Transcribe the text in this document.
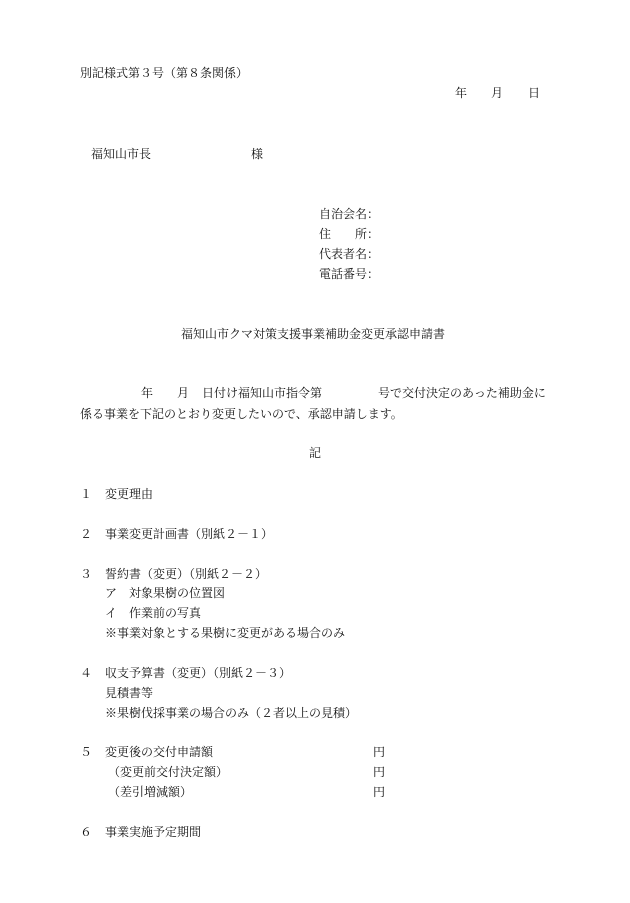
別記様式第３号（第８条関係）
年 月 日
福知山市長	様
自治会名：
住　　所：
代表者名：
電話番号：
福知山市クマ対策支援事業補助金変更承認申請書
年 月 日付け福知山市指令第	号で交付決定のあった補助金に
係る事業を下記のとおり変更したいので、承認申請します。
記
１ 変更理由
２ 事業変更計画書（別紙２－１）
３ 誓約書（変更）（別紙２－２）
ア　対象果樹の位置図
イ　作業前の写真
※事業対象とする果樹に変更がある場合のみ
４ 収支予算書（変更）（別紙２－３）
見積書等
※果樹伐採事業の場合のみ（２者以上の見積）
５ 変更後の交付申請額	円
（変更前交付決定額）	円
（差引増減額）	円
６ 事業実施予定期間
